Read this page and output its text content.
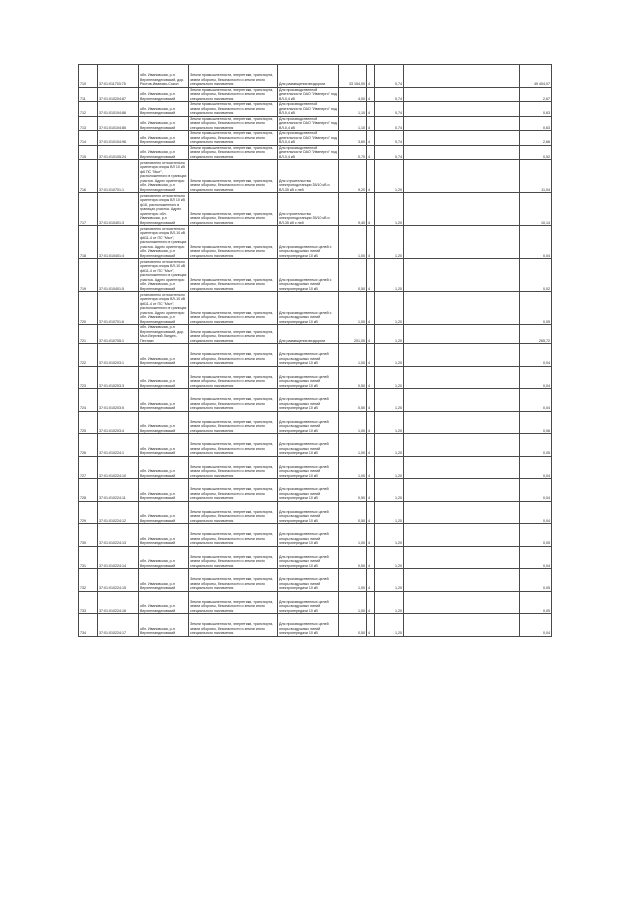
710	37:01:011703:75	обл. Ивановская, р-н Верхнеландеховский, дор. Ростов-Иваново-Сокол	Земли промышленности, энергетики, транспорта, земли обороны, безопасности и земли иного специального назначения	Для размещения вездороги	33 154,00	4	0,74		49 404,07
711	37:01:010204:87	обл. Ивановская, р-н Верхнеландеховский	Земли промышленности, энергетики, транспорта, земли обороны, безопасности и земли иного специального назначения	Для производственной деятельности ОАО "Ивэнерго" под ВЛ-0,4 кВ	4,00	4	0,74		2,67
712	37:01:010104:86	обл. Ивановская, р-н Верхнеландеховский	Земли промышленности, энергетики, транспорта, земли обороны, безопасности и земли иного специального назначения	Для производственной деятельности ОАО "Ивэнерго" под ВЛ-0,4 кВ	1,10	4	0,74		0,63
713	37:01:010104:85	обл. Ивановская, р-н Верхнеландеховский	Земли промышленности, энергетики, транспорта, земли обороны, безопасности и земли иного специального назначения	Для производственной деятельности ОАО "Ивэнерго" под ВЛ-0,4 кВ	1,10	4	0,74		0,63
714	37:01:010104:96	обл. Ивановская, р-н Верхнеландеховский	Земли промышленности, энергетики, транспорта, земли обороны, безопасности и земли иного специального назначения	Для производственной деятельности ОАО "Ивэнерго" под ВЛ-0,4 кВ	3,60	4	0,74		2,66
715	37:01:010105:24	обл. Ивановская, р-н Верхнеландеховский	Земли промышленности, энергетики, транспорта, земли обороны, безопасности и земли иного специального назначения	Для производственной деятельности ОАО "Ивэнерго" под ВЛ-0,4 кВ	0,70	4	0,74		0,52
716	37:01:010701:1	установлено относительно ориентира опоры ВЛ 10 кВ ф6 ПС "Мыт", расположенного в границах участка. Адрес ориентира: обл. Ивановская, р-н Верхнеландеховский	Земли промышленности, энергетики, транспорта, земли обороны, безопасности и земли иного специального назначения	Для строительства электроподстанции 35/10 кВ и ВЛ-35 кВ с ней	9,20	4	1,20		11,04
717	37:01:010401:3	установлено относительно ориентира опоры ВЛ 10 кВ ф16, расположенного в границах участка. Адрес ориентира: обл. Ивановская, р-н Верхнеландеховский	Земли промышленности, энергетики, транспорта, земли обороны, безопасности и земли иного специального назначения	Для строительства электроподстанции 35/10 кВ и ВЛ-35 кВ с ней	9,40	4	1,20		10,14
718	37:01:010401:4	установлено относительно ориентира опоры ВЛ-10 кВ ф611-4 от ПС "Мыт", расположенного в границах участка. Адрес ориентира: обл. Ивановская, р-н Верхнеландеховский	Земли промышленности, энергетики, транспорта, земли обороны, безопасности и земли иного специального назначения	Для производственных целей с опоры воздушных линий электропередачи 10 кВ	1,00	4	1,20		0,04
719	37:01:010401:5	установлено относительно ориентира опоры ВЛ-10 кВ ф611-4 от ПС "Мыт", расположенного в границах участка. Адрес ориентира: обл. Ивановская, р-н Верхнеландеховский	Земли промышленности, энергетики, транспорта, земли обороны, безопасности и земли иного специального назначения	Для производственных целей с опоры воздушных линий электропередачи 10 кВ	0,50	4	1,20		0,02
720	37:01:010701:6	установлено относительно ориентира опоры ВЛ-10 кВ ф611-4 от ПС "Мыт", расположенного в границах участка. Адрес ориентира: обл. Ивановская, р-н Верхнеландеховский	Земли промышленности, энергетики, транспорта, земли обороны, безопасности и земли иного специального назначения	Для производственных целей с опоры воздушных линий электропередачи 10 кВ	1,00	4	1,20		0,05
721	37:01:010705:1	обл. Ивановская, р-н Верхнеландеховский, дор. Мыт-Верхний Ландех-Пестяки	Земли промышленности, энергетики, транспорта, земли обороны, безопасности и земли иного специального назначения	Для размещения вездороги	201,00	4	1,20		265,72
722	37:01:010203:1	обл. Ивановская, р-н Верхнеландеховский	Земли промышленности, энергетики, транспорта, земли обороны, безопасности и земли иного специального назначения	Для производственных целей опоры воздушных линий электропередачи 10 кВ	1,00	4	1,20		0,04
723	37:01:010203:3	обл. Ивановская, р-н Верхнеландеховский	Земли промышленности, энергетики, транспорта, земли обороны, безопасности и земли иного специального назначения	Для производственных целей опоры воздушных линий электропередачи 10 кВ	0,50	4	1,20		0,04
724	37:01:010203:5	обл. Ивановская, р-н Верхнеландеховский	Земли промышленности, энергетики, транспорта, земли обороны, безопасности и земли иного специального назначения	Для производственных целей опоры воздушных линий электропередачи 10 кВ	0,50	4	1,20		0,04
725	37:01:010203:4	обл. Ивановская, р-н Верхнеландеховский	Земли промышленности, энергетики, транспорта, земли обороны, безопасности и земли иного специального назначения	Для производственных целей опоры воздушных линий электропередачи 10 кВ	1,00	4	1,20		0,06
726	37:01:010224:1	обл. Ивановская, р-н Верхнеландеховский	Земли промышленности, энергетики, транспорта, земли обороны, безопасности и земли иного специального назначения	Для производственных целей опоры воздушных линий электропередачи 10 кВ	1,00	4	1,20		0,05
727	37:01:010224:10	обл. Ивановская, р-н Верхнеландеховский	Земли промышленности, энергетики, транспорта, земли обороны, безопасности и земли иного специального назначения	Для производственных целей опоры воздушных линий электропередачи 10 кВ	1,00	4	1,20		0,04
728	37:01:010224:11	обл. Ивановская, р-н Верхнеландеховский	Земли промышленности, энергетики, транспорта, земли обороны, безопасности и земли иного специального назначения	Для производственных целей опоры воздушных линий электропередачи 10 кВ	0,50	4	1,20		0,04
729	37:01:010224:12	обл. Ивановская, р-н Верхнеландеховский	Земли промышленности, энергетики, транспорта, земли обороны, безопасности и земли иного специального назначения	Для производственных целей опоры воздушных линий электропередачи 10 кВ	0,50	4	1,20		0,04
730	37:01:010224:13	обл. Ивановская, р-н Верхнеландеховский	Земли промышленности, энергетики, транспорта, земли обороны, безопасности и земли иного специального назначения	Для производственных целей опоры воздушных линий электропередачи 10 кВ	1,00	4	1,20		0,05
731	37:01:010224:14	обл. Ивановская, р-н Верхнеландеховский	Земли промышленности, энергетики, транспорта, земли обороны, безопасности и земли иного специального назначения	Для производственных целей опоры воздушных линий электропередачи 10 кВ	0,50	4	1,20		0,04
732	37:01:010224:15	обл. Ивановская, р-н Верхнеландеховский	Земли промышленности, энергетики, транспорта, земли обороны, безопасности и земли иного специального назначения	Для производственных целей опоры воздушных линий электропередачи 10 кВ	1,00	4	1,20		0,05
733	37:01:010224:16	обл. Ивановская, р-н Верхнеландеховский	Земли промышленности, энергетики, транспорта, земли обороны, безопасности и земли иного специального назначения	Для производственных целей опоры воздушных линий электропередачи 10 кВ	1,00	4	1,20		0,05
734	37:01:010224:17	обл. Ивановская, р-н Верхнеландеховский	Земли промышленности, энергетики, транспорта, земли обороны, безопасности и земли иного специального назначения	Для производственных целей опоры воздушных линий электропередачи 10 кВ	0,50	4	1,20		0,04
